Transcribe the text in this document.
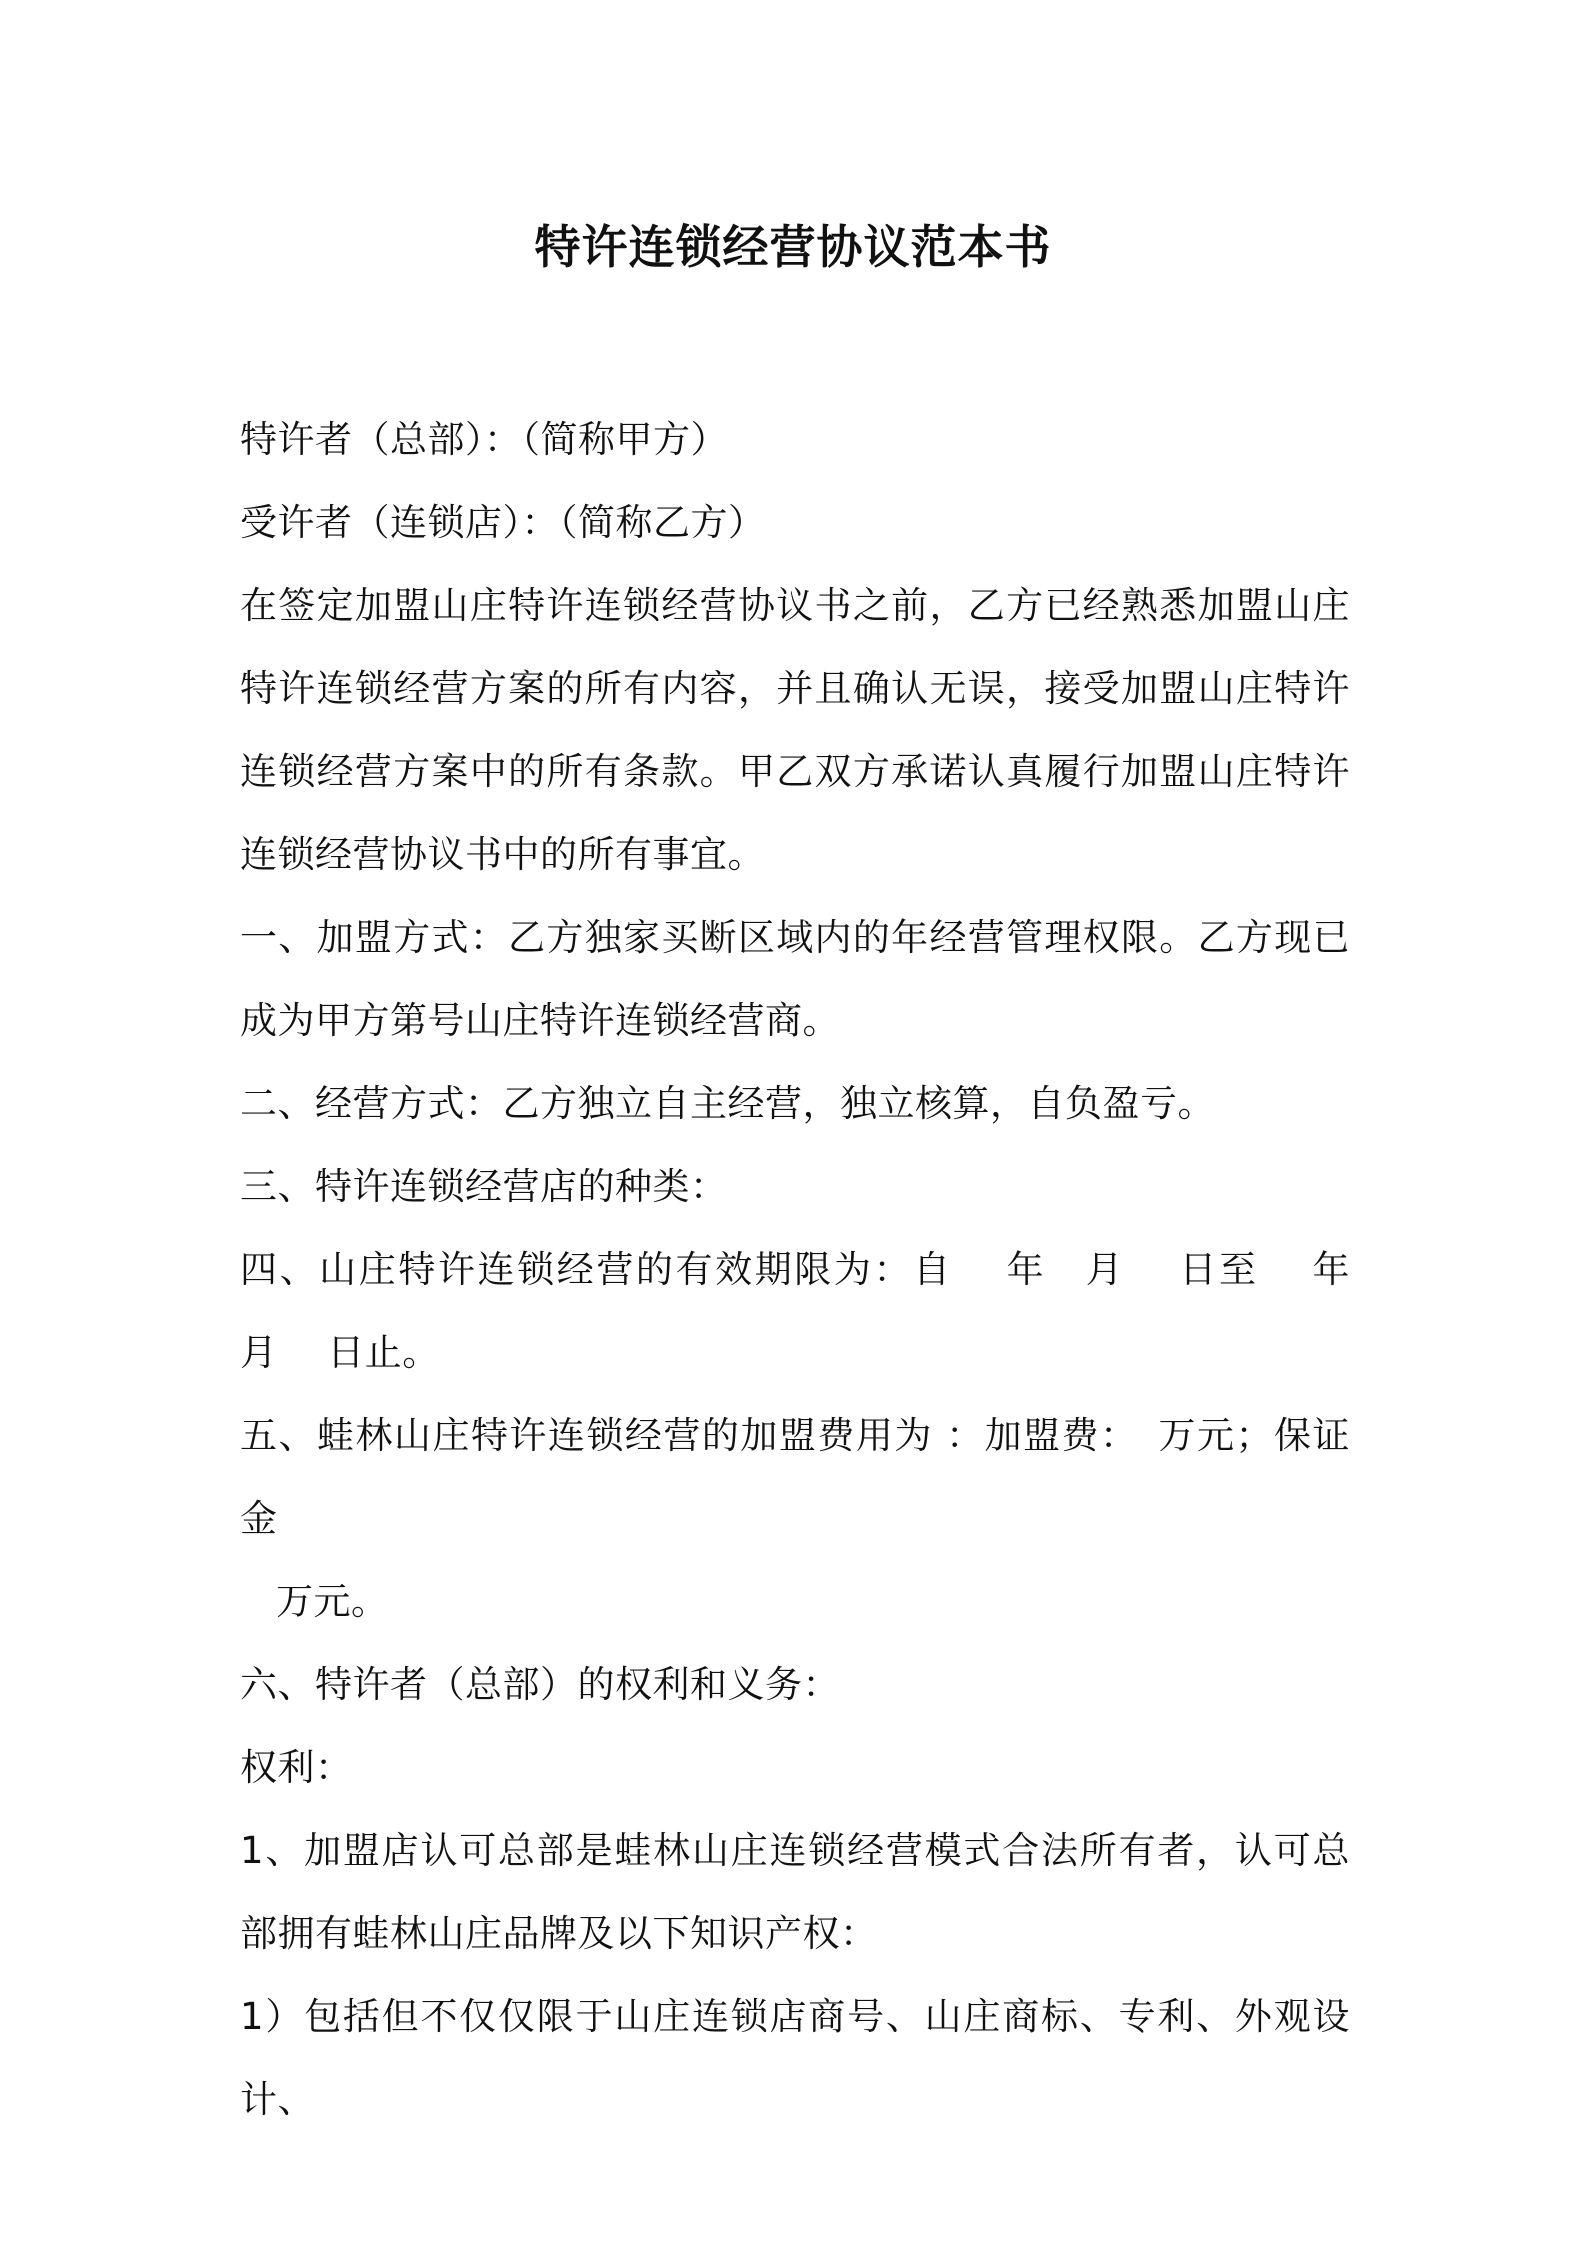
特许连锁经营协议范本书

特许者（总部）：（简称甲方）

受许者（连锁店）：（简称乙方）

在签定加盟山庄特许连锁经营协议书之前，乙方已经熟悉加盟山庄特许连锁经营方案的所有内容，并且确认无误，接受加盟山庄特许连锁经营方案中的所有条款。甲乙双方承诺认真履行加盟山庄特许连锁经营协议书中的所有事宜。

一、加盟方式：乙方独家买断区域内的年经营管理权限。乙方现已成为甲方第号山庄特许连锁经营商。

二、经营方式：乙方独立自主经营，独立核算，自负盈亏。

三、特许连锁经营店的种类：

四、山庄特许连锁经营的有效期限为：自　 年　月　 日至　 年　月　 日止。

五、蛙林山庄特许连锁经营的加盟费用为 ：加盟费：　万元；保证金

万元。

六、特许者（总部）的权利和义务：

权利：

1、加盟店认可总部是蛙林山庄连锁经营模式合法所有者，认可总部拥有蛙林山庄品牌及以下知识产权：

1）包括但不仅仅限于山庄连锁店商号、山庄商标、专利、外观设计、
